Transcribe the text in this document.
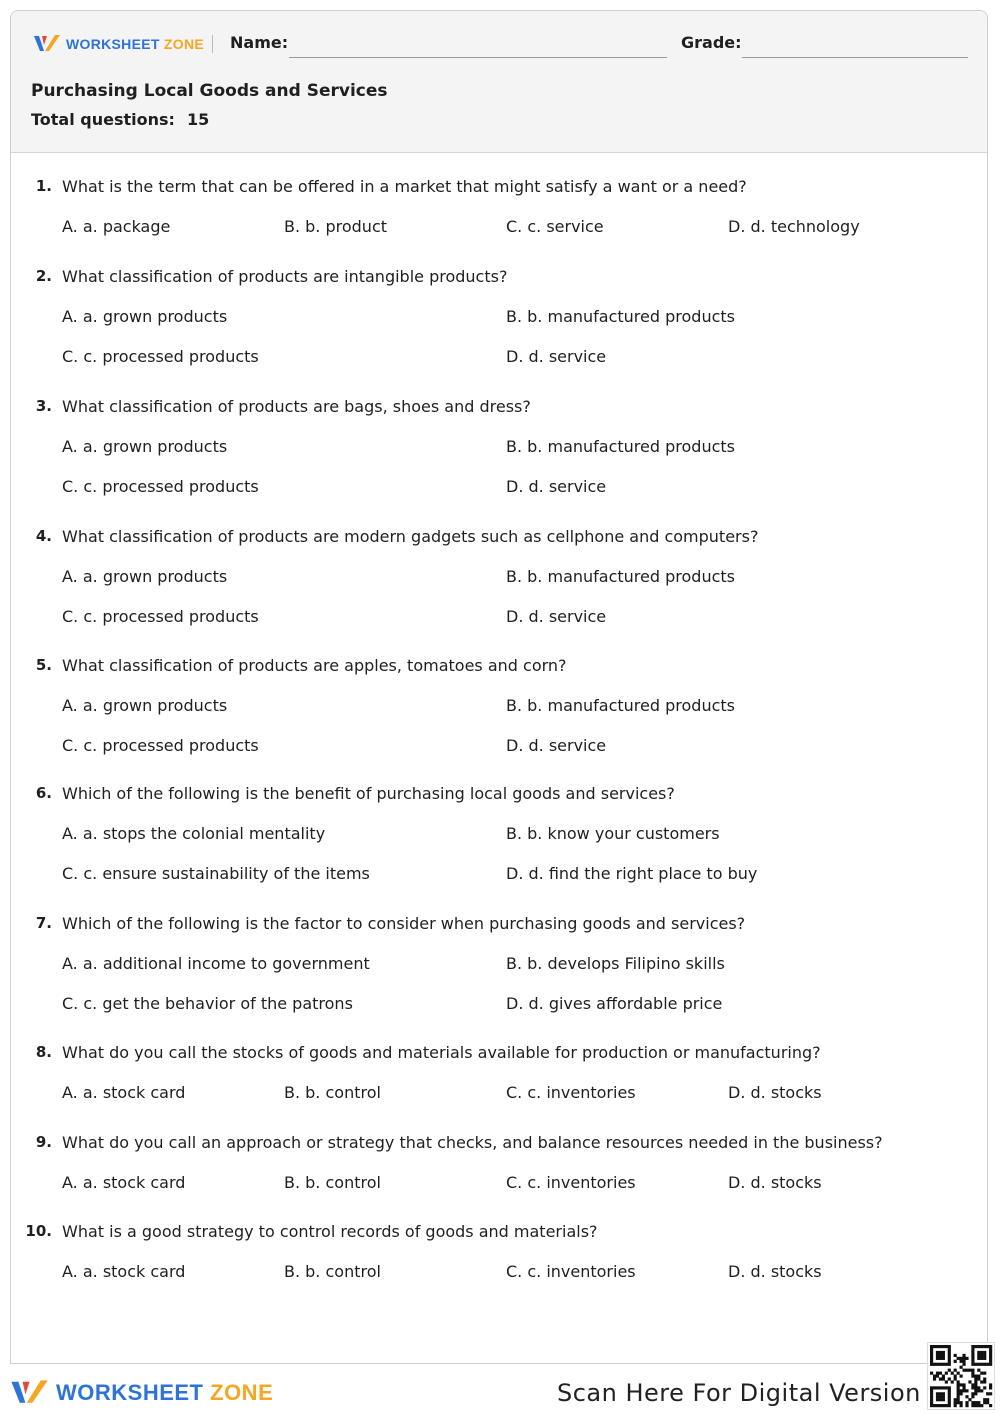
WORKSHEET ZONE Name:	Grade:
Purchasing Local Goods and Services
Total questions: 15
1. What is the term that can be offered in a market that might satisfy a want or a need?
A. a. package	B. b. product	C. c. service	D. d. technology
2. What classification of products are intangible products?
A. a. grown products	B. b. manufactured products
C. c. processed products	D. d. service
3. What classification of products are bags, shoes and dress?
A. a. grown products	B. b. manufactured products
C. c. processed products	D. d. service
4. What classification of products are modern gadgets such as cellphone and computers?
A. a. grown products	B. b. manufactured products
C. c. processed products	D. d. service
5. What classification of products are apples, tomatoes and corn?
A. a. grown products	B. b. manufactured products
C. c. processed products	D. d. service
6. Which of the following is the benefit of purchasing local goods and services?
A. a. stops the colonial mentality	B. b. know your customers
C. c. ensure sustainability of the items	D. d. find the right place to buy
7. Which of the following is the factor to consider when purchasing goods and services?
A. a. additional income to government	B. b. develops Filipino skills
C. c. get the behavior of the patrons	D. d. gives affordable price
8. What do you call the stocks of goods and materials available for production or manufacturing?
A. a. stock card	B. b. control	C. c. inventories	D. d. stocks
9. What do you call an approach or strategy that checks, and balance resources needed in the business?
A. a. stock card	B. b. control	C. c. inventories	D. d. stocks
10. What is a good strategy to control records of goods and materials?
A. a. stock card	B. b. control	C. c. inventories	D. d. stocks
WORKSHEET ZONE	Scan Here For Digital Version
